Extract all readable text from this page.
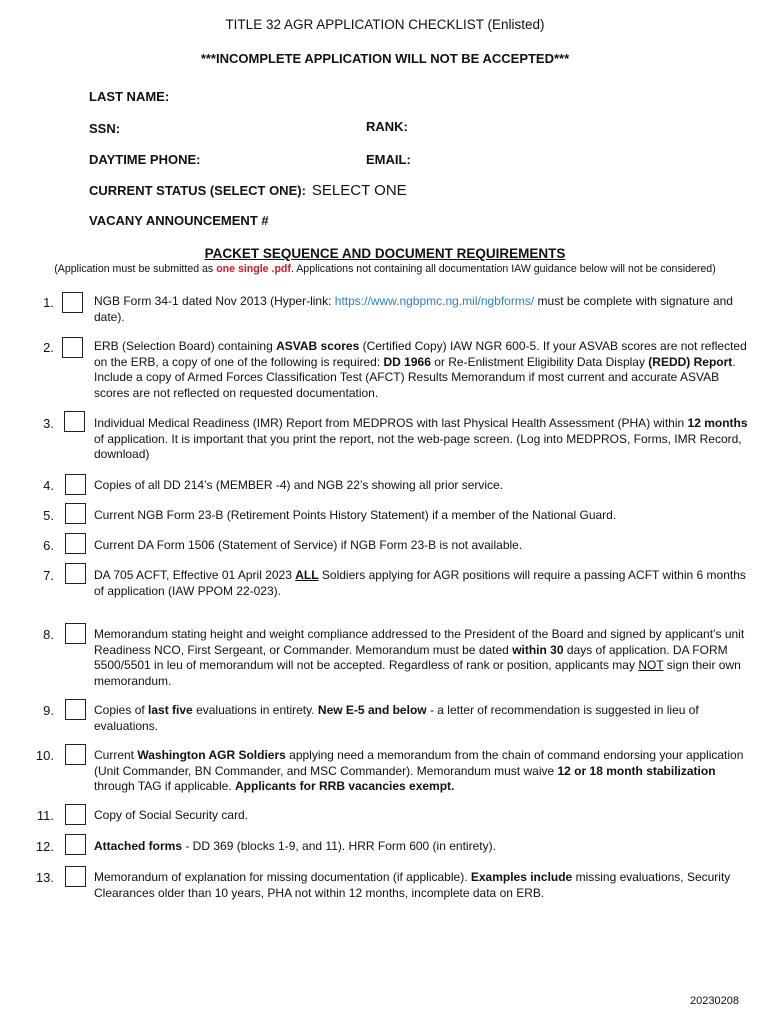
TITLE 32 AGR APPLICATION CHECKLIST (Enlisted)
***INCOMPLETE APPLICATION WILL NOT BE ACCEPTED***
LAST NAME:
SSN:	RANK:
DAYTIME PHONE:	EMAIL:
CURRENT STATUS (SELECT ONE): SELECT ONE
VACANY ANNOUNCEMENT #
PACKET SEQUENCE AND DOCUMENT REQUIREMENTS
(Application must be submitted as one single .pdf. Applications not containing all documentation IAW guidance below will not be considered)
1.	NGB Form 34-1 dated Nov 2013 (Hyper-link: https://www.ngbpmc.ng.mil/ngbforms/ must be complete with signature and date).
2.	ERB (Selection Board) containing ASVAB scores (Certified Copy) IAW NGR 600-5. If your ASVAB scores are not reflected on the ERB, a copy of one of the following is required: DD 1966 or Re-Enlistment Eligibility Data Display (REDD) Report. Include a copy of Armed Forces Classification Test (AFCT) Results Memorandum if most current and accurate ASVAB scores are not reflected on requested documentation.
3.	Individual Medical Readiness (IMR) Report from MEDPROS with last Physical Health Assessment (PHA) within 12 months of application. It is important that you print the report, not the web-page screen. (Log into MEDPROS, Forms, IMR Record, download)
4.	Copies of all DD 214’s (MEMBER -4) and NGB 22’s showing all prior service.
5.	Current NGB Form 23-B (Retirement Points History Statement) if a member of the National Guard.
6.	Current DA Form 1506 (Statement of Service) if NGB Form 23-B is not available.
7.	DA 705 ACFT, Effective 01 April 2023 ALL Soldiers applying for AGR positions will require a passing ACFT within 6 months of application (IAW PPOM 22-023).
8.	Memorandum stating height and weight compliance addressed to the President of the Board and signed by applicant’s unit Readiness NCO, First Sergeant, or Commander. Memorandum must be dated within 30 days of application. DA FORM 5500/5501 in leu of memorandum will not be accepted. Regardless of rank or position, applicants may NOT sign their own memorandum.
9.	Copies of last five evaluations in entirety. New E-5 and below - a letter of recommendation is suggested in lieu of evaluations.
10.	Current Washington AGR Soldiers applying need a memorandum from the chain of command endorsing your application (Unit Commander, BN Commander, and MSC Commander). Memorandum must waive 12 or 18 month stabilization through TAG if applicable. Applicants for RRB vacancies exempt.
11.	Copy of Social Security card.
12.	Attached forms - DD 369 (blocks 1-9, and 11). HRR Form 600 (in entirety).
13.	Memorandum of explanation for missing documentation (if applicable). Examples include missing evaluations, Security Clearances older than 10 years, PHA not within 12 months, incomplete data on ERB.
20230208
